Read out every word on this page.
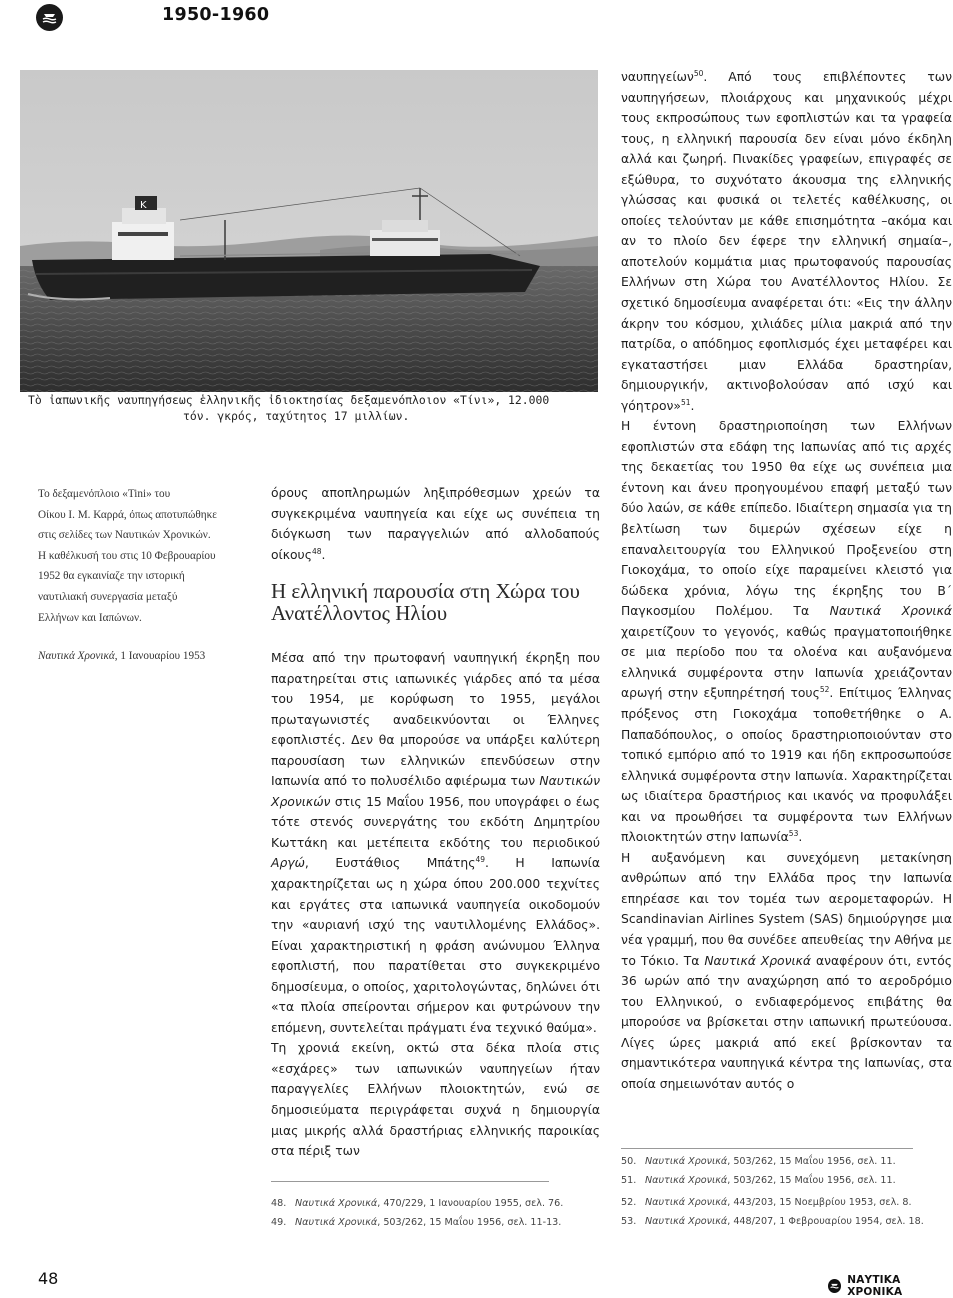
1950-1960
K
Τὸ ἰαπωνικῆς ναυπηγήσεως ἑλληνικῆς ἰδιοκτησίας δεξαμενόπλοιον «Τίνι», 12.000
τόν. γκρός, ταχύτητος 17 μιλλίων.

Το δεξαμενόπλοιο «Tini» του

Οίκου Ι. Μ. Καρρά, όπως αποτυπώθηκε

στις σελίδες των Ναυτικών Χρονικών.

Η καθέλκυσή του στις 10 Φεβρουαρίου

1952 θα εγκαινίαζε την ιστορική

ναυτιλιακή συνεργασία μεταξύ

Ελλήνων και Ιαπώνων.

Ναυτικά Χρονικά, 1 Ιανουαρίου 1953

όρους αποπληρωμών ληξιπρόθεσμων χρεών τα συγκεκριμένα ναυπηγεία και είχε ως συνέπεια τη διόγκωση των παραγγελιών από αλλοδαπούς οίκους$^{48}$.

Η ελληνική παρουσία στη Χώρα του Ανατέλλοντος Ηλίου

Μέσα από την πρωτοφανή ναυπηγική έκρηξη που παρατηρείται στις ιαπωνικές γιάρδες από τα μέσα του 1954, με κορύφωση το 1955, μεγάλοι πρωταγωνιστές αναδεικνύονται οι Έλληνες εφοπλιστές. Δεν θα μπορούσε να υπάρξει καλύτερη παρουσίαση των ελληνικών επενδύσεων στην Ιαπωνία από το πολυσέλιδο αφιέρωμα των Ναυτικών Χρονικών στις 15 Μαΐου 1956, που υπογράφει ο έως τότε στενός συνεργάτης του εκδότη Δημητρίου Κωττάκη και μετέπειτα εκδότης του περιοδικού Αργώ, Ευστάθιος Μπάτης$^{49}$. Η Ιαπωνία χαρακτηρίζεται ως η χώρα όπου 200.000 τεχνίτες και εργάτες στα ιαπωνικά ναυπηγεία οικοδομούν την «αυριανή ισχύ της ναυτιλλομένης Ελλάδος». Είναι χαρακτηριστική η φράση ανώνυμου Έλληνα εφοπλιστή, που παρατίθεται στο συγκεκριμένο δημοσίευμα, ο οποίος, χαριτολογώντας, δηλώνει ότι «τα πλοία σπείρονται σήμερον και φυτρώνουν την επόμενη, συντελείται πράγματι ένα τεχνικό θαύμα».

Τη χρονιά εκείνη, οκτώ στα δέκα πλοία στις «εσχάρες» των ιαπωνικών ναυπηγείων ήταν παραγγελίες Ελλήνων πλοιοκτητών, ενώ σε δημοσιεύματα περιγράφεται συχνά η δημιουργία μιας μικρής αλλά δραστήριας ελληνικής παροικίας στα πέριξ των

48. Ναυτικά Χρονικά, 470/229, 1 Ιανουαρίου 1955, σελ. 76.
49. Ναυτικά Χρονικά, 503/262, 15 Μαΐου 1956, σελ. 11-13.

ναυπηγείων$^{50}$. Από τους επιβλέποντες των ναυπηγήσεων, πλοιάρχους και μηχανικούς μέχρι τους εκπροσώπους των εφοπλιστών και τα γραφεία τους, η ελληνική παρουσία δεν είναι μόνο έκδηλη αλλά και ζωηρή. Πινακίδες γραφείων, επιγραφές σε εξώθυρα, το συχνότατο άκουσμα της ελληνικής γλώσσας και φυσικά οι τελετές καθέλκυσης, οι οποίες τελούνταν με κάθε επισημότητα –ακόμα και αν το πλοίο δεν έφερε την ελληνική σημαία–, αποτελούν κομμάτια μιας πρωτοφανούς παρουσίας Ελλήνων στη Χώρα του Ανατέλλοντος Ηλίου. Σε σχετικό δημοσίευμα αναφέρεται ότι: «Εις την άλλην άκρην του κόσμου, χιλιάδες μίλια μακριά από την πατρίδα, ο απόδημος εφοπλισμός έχει μεταφέρει και εγκαταστήσει μιαν Ελλάδα δραστηρίαν, δημιουργικήν, ακτινοβολούσαν από ισχύ και γόητρον»$^{51}$.

Η έντονη δραστηριοποίηση των Ελλήνων εφοπλιστών στα εδάφη της Ιαπωνίας από τις αρχές της δεκαετίας του 1950 θα είχε ως συνέπεια μια έντονη και άνευ προηγουμένου επαφή μεταξύ των δύο λαών, σε κάθε επίπεδο. Ιδιαίτερη σημασία για τη βελτίωση των διμερών σχέσεων είχε η επαναλειτουργία του Ελληνικού Προξενείου στη Γιοκοχάμα, το οποίο είχε παραμείνει κλειστό για δώδεκα χρόνια, λόγω της έκρηξης του Β΄ Παγκοσμίου Πολέμου. Τα Ναυτικά Χρονικά χαιρετίζουν το γεγονός, καθώς πραγματοποιήθηκε σε μια περίοδο που τα ολοένα και αυξανόμενα ελληνικά συμφέροντα στην Ιαπωνία χρειάζονταν αρωγή στην εξυπηρέτησή τους$^{52}$. Επίτιμος Έλληνας πρόξενος στη Γιοκοχάμα τοποθετήθηκε ο Α. Παπαδόπουλος, ο οποίος δραστηριοποιούνταν στο τοπικό εμπόριο από το 1919 και ήδη εκπροσωπούσε ελληνικά συμφέροντα στην Ιαπωνία. Χαρακτηρίζεται ως ιδιαίτερα δραστήριος και ικανός να προφυλάξει και να προωθήσει τα συμφέροντα των Ελλήνων πλοιοκτητών στην Ιαπωνία$^{53}$.

Η αυξανόμενη και συνεχόμενη μετακίνηση ανθρώπων από την Ελλάδα προς την Ιαπωνία επηρέασε και τον τομέα των αερομεταφορών. Η Scandinavian Airlines System (SAS) δημιούργησε μια νέα γραμμή, που θα συνέδεε απευθείας την Αθήνα με το Τόκιο. Τα Ναυτικά Χρονικά αναφέρουν ότι, εντός 36 ωρών από την αναχώρηση από το αεροδρόμιο του Ελληνικού, ο ενδιαφερόμενος επιβάτης θα μπορούσε να βρίσκεται στην ιαπωνική πρωτεύουσα. Λίγες ώρες μακριά από εκεί βρίσκονταν τα σημαντικότερα ναυπηγικά κέντρα της Ιαπωνίας, στα οποία σημειωνόταν αυτός ο

50. Ναυτικά Χρονικά, 503/262, 15 Μαΐου 1956, σελ. 11.
51. Ναυτικά Χρονικά, 503/262, 15 Μαΐου 1956, σελ. 11.
52. Ναυτικά Χρονικά, 443/203, 15 Νοεμβρίου 1953, σελ. 8.
53. Ναυτικά Χρονικά, 448/207, 1 Φεβρουαρίου 1954, σελ. 18.
48	ΝΑΥΤΙΚΑ ΧΡΟΝΙΚΑ
